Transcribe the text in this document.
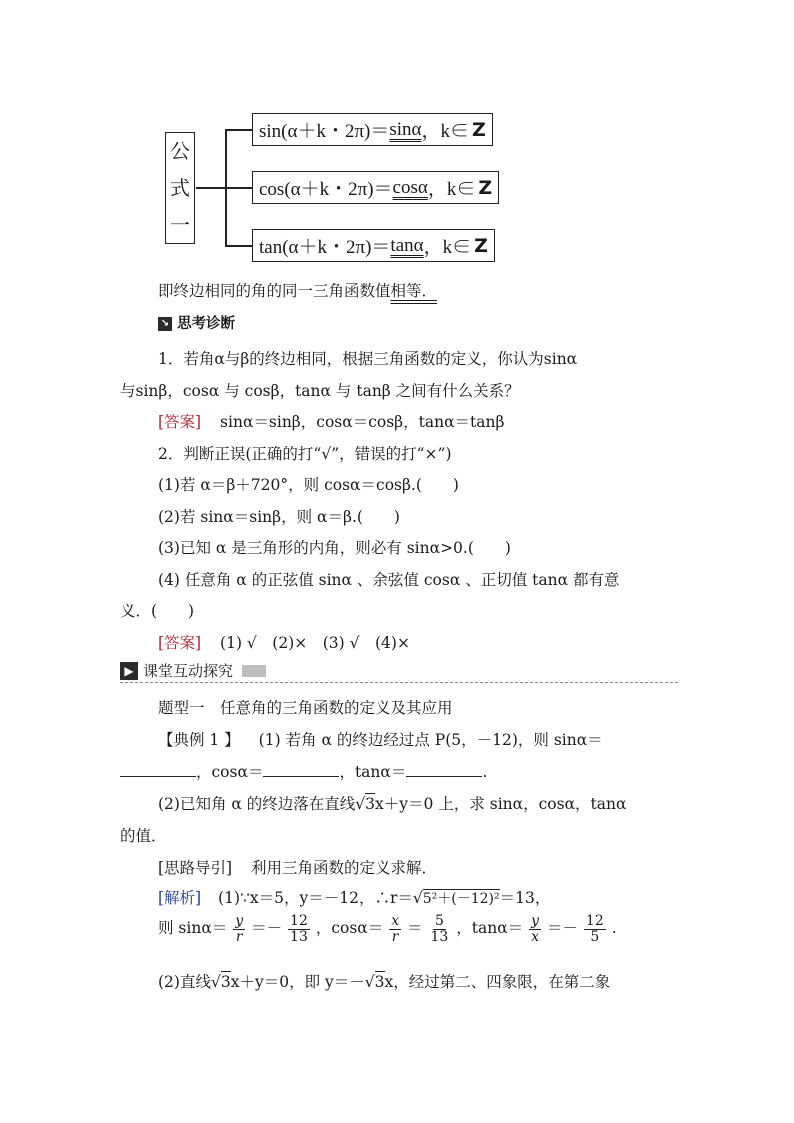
公
式
一
sin(α＋k・2π)＝ sinα ，k∈ Z
cos(α＋k・2π)＝ cosα ，k∈ Z
tan(α＋k・2π)＝ tanα ，k∈ Z
即终边相同的角的同一三角函数值相等．
↘ 思考诊断
1．若角α与β的终边相同，根据三角函数的定义，你认为sinα
与sinβ，cosα 与 cosβ，tanα 与 tanβ 之间有什么关系？
[答案] sinα＝sinβ，cosα＝cosβ，tanα＝tanβ
2．判断正误(正确的打“√”，错误的打“×”)
(1)若 α＝β＋720°，则 cosα＝cosβ.(　　)
(2)若 sinα＝sinβ，则 α＝β.(　　)
(3)已知 α 是三角形的内角，则必有 sinα>0.(　　)
(4) 任意角 α 的正弦值 sinα 、余弦值 cosα 、正切值 tanα 都有意
义．(　　)
[答案] (1) √　(2)×　(3) √　(4)×
▶ 课堂互动探究
题型一　任意角的三角函数的定义及其应用
【典例 1 】 (1) 若角 α 的终边经过点 P(5，－12)，则 sinα＝
，cosα＝	，tanα＝	.
(2)已知角 α 的终边落在直线√3x＋y＝0 上，求 sinα，cosα，tanα
的值．
[思路导引] 利用三角函数的定义求解．
[解析] (1)∵x＝5，y＝－12，∴r＝√5²＋(－12)²＝13，
则 $\sin\alpha= \frac{y}{r} =- \frac{12}{13}$ ，$\cos\alpha= \frac{x}{r} = \frac{5}{13}$ ，$\tan\alpha= \frac{y}{x} =- \frac{12}{5}$ .
(2)直线√3x＋y＝0，即 y＝－√3x，经过第二、四象限，在第二象
